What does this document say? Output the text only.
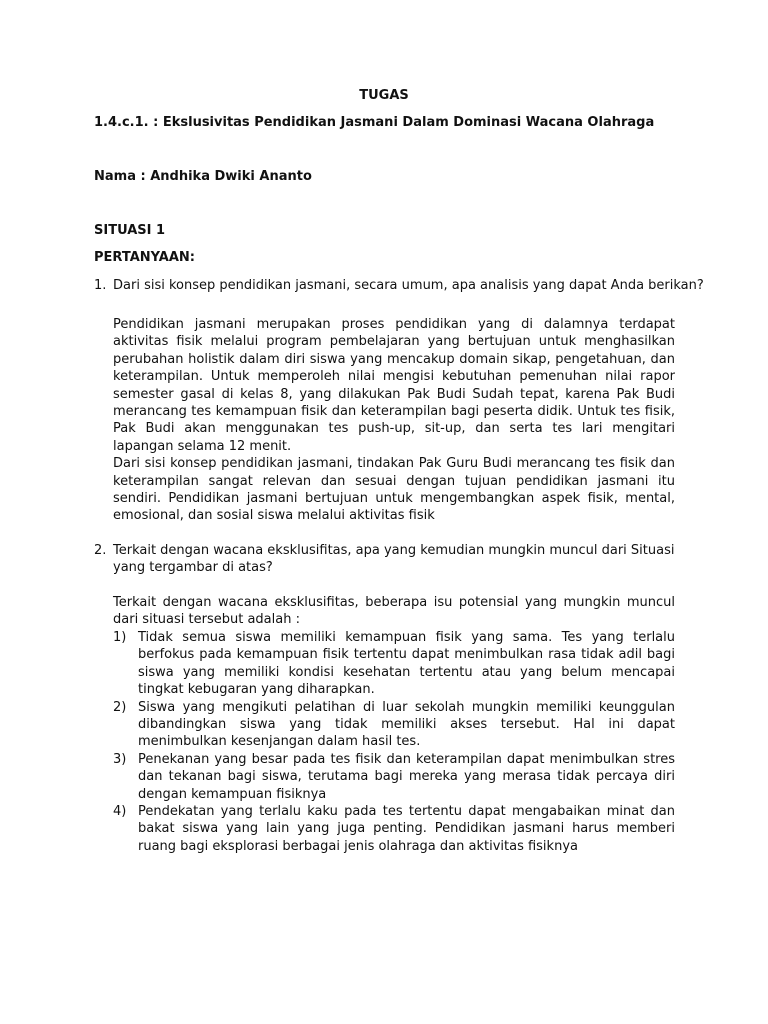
TUGAS
1.4.c.1. : Ekslusivitas Pendidikan Jasmani Dalam Dominasi Wacana Olahraga
Nama : Andhika Dwiki Ananto
SITUASI 1
PERTANYAAN:
1. Dari sisi konsep pendidikan jasmani, secara umum, apa analisis yang dapat Anda berikan?

Pendidikan jasmani merupakan proses pendidikan yang di dalamnya terdapat aktivitas fisik melalui program pembelajaran yang bertujuan untuk menghasilkan perubahan holistik dalam diri siswa yang mencakup domain sikap, pengetahuan, dan keterampilan. Untuk memperoleh nilai mengisi kebutuhan pemenuhan nilai rapor semester gasal di kelas 8, yang dilakukan Pak Budi Sudah tepat, karena Pak Budi merancang tes kemampuan fisik dan keterampilan bagi peserta didik. Untuk tes fisik, Pak Budi akan menggunakan tes push-up, sit-up, dan serta tes lari mengitari lapangan selama 12 menit.

Dari sisi konsep pendidikan jasmani, tindakan Pak Guru Budi merancang tes fisik dan keterampilan sangat relevan dan sesuai dengan tujuan pendidikan jasmani itu sendiri. Pendidikan jasmani bertujuan untuk mengembangkan aspek fisik, mental, emosional, dan sosial siswa melalui aktivitas fisik

2. Terkait dengan wacana eksklusifitas, apa yang kemudian mungkin muncul dari Situasi yang tergambar di atas?
Terkait dengan wacana eksklusifitas, beberapa isu potensial yang mungkin muncul dari situasi tersebut adalah :
1) Tidak semua siswa memiliki kemampuan fisik yang sama. Tes yang terlalu berfokus pada kemampuan fisik tertentu dapat menimbulkan rasa tidak adil bagi siswa yang memiliki kondisi kesehatan tertentu atau yang belum mencapai tingkat kebugaran yang diharapkan.
2) Siswa yang mengikuti pelatihan di luar sekolah mungkin memiliki keunggulan dibandingkan siswa yang tidak memiliki akses tersebut. Hal ini dapat menimbulkan kesenjangan dalam hasil tes.
3) Penekanan yang besar pada tes fisik dan keterampilan dapat menimbulkan stres dan tekanan bagi siswa, terutama bagi mereka yang merasa tidak percaya diri dengan kemampuan fisiknya
4) Pendekatan yang terlalu kaku pada tes tertentu dapat mengabaikan minat dan bakat siswa yang lain yang juga penting. Pendidikan jasmani harus memberi ruang bagi eksplorasi berbagai jenis olahraga dan aktivitas fisiknya
